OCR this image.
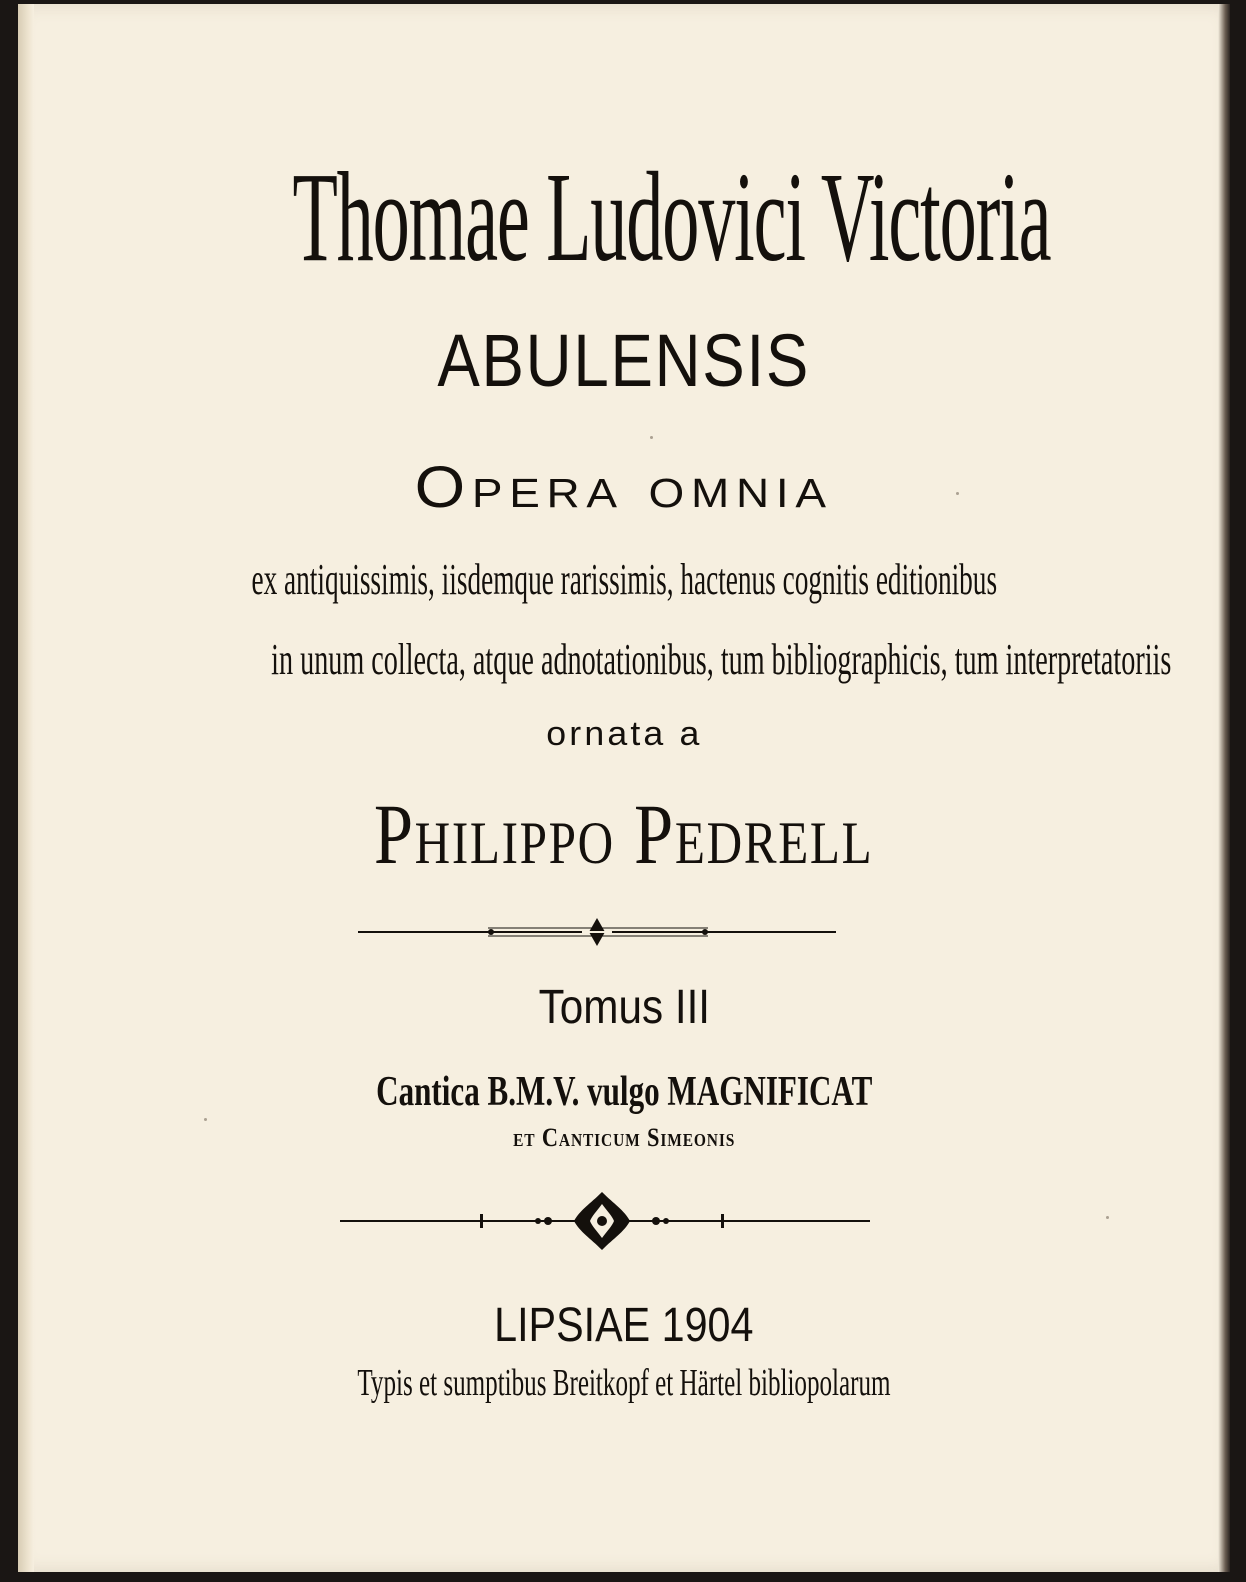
Thomae Ludovici Victoria
ABULENSIS
Opera omnia
ex antiquissimis, iisdemque rarissimis, hactenus cognitis editionibus
in unum collecta, atque adnotationibus, tum bibliographicis, tum interpretatoriis
ornata a
Philippo Pedrell
Tomus III
Cantica B.M.V. vulgo MAGNIFICAT
et Canticum Simeonis
LIPSIAE 1904
Typis et sumptibus Breitkopf et Härtel bibliopolarum
